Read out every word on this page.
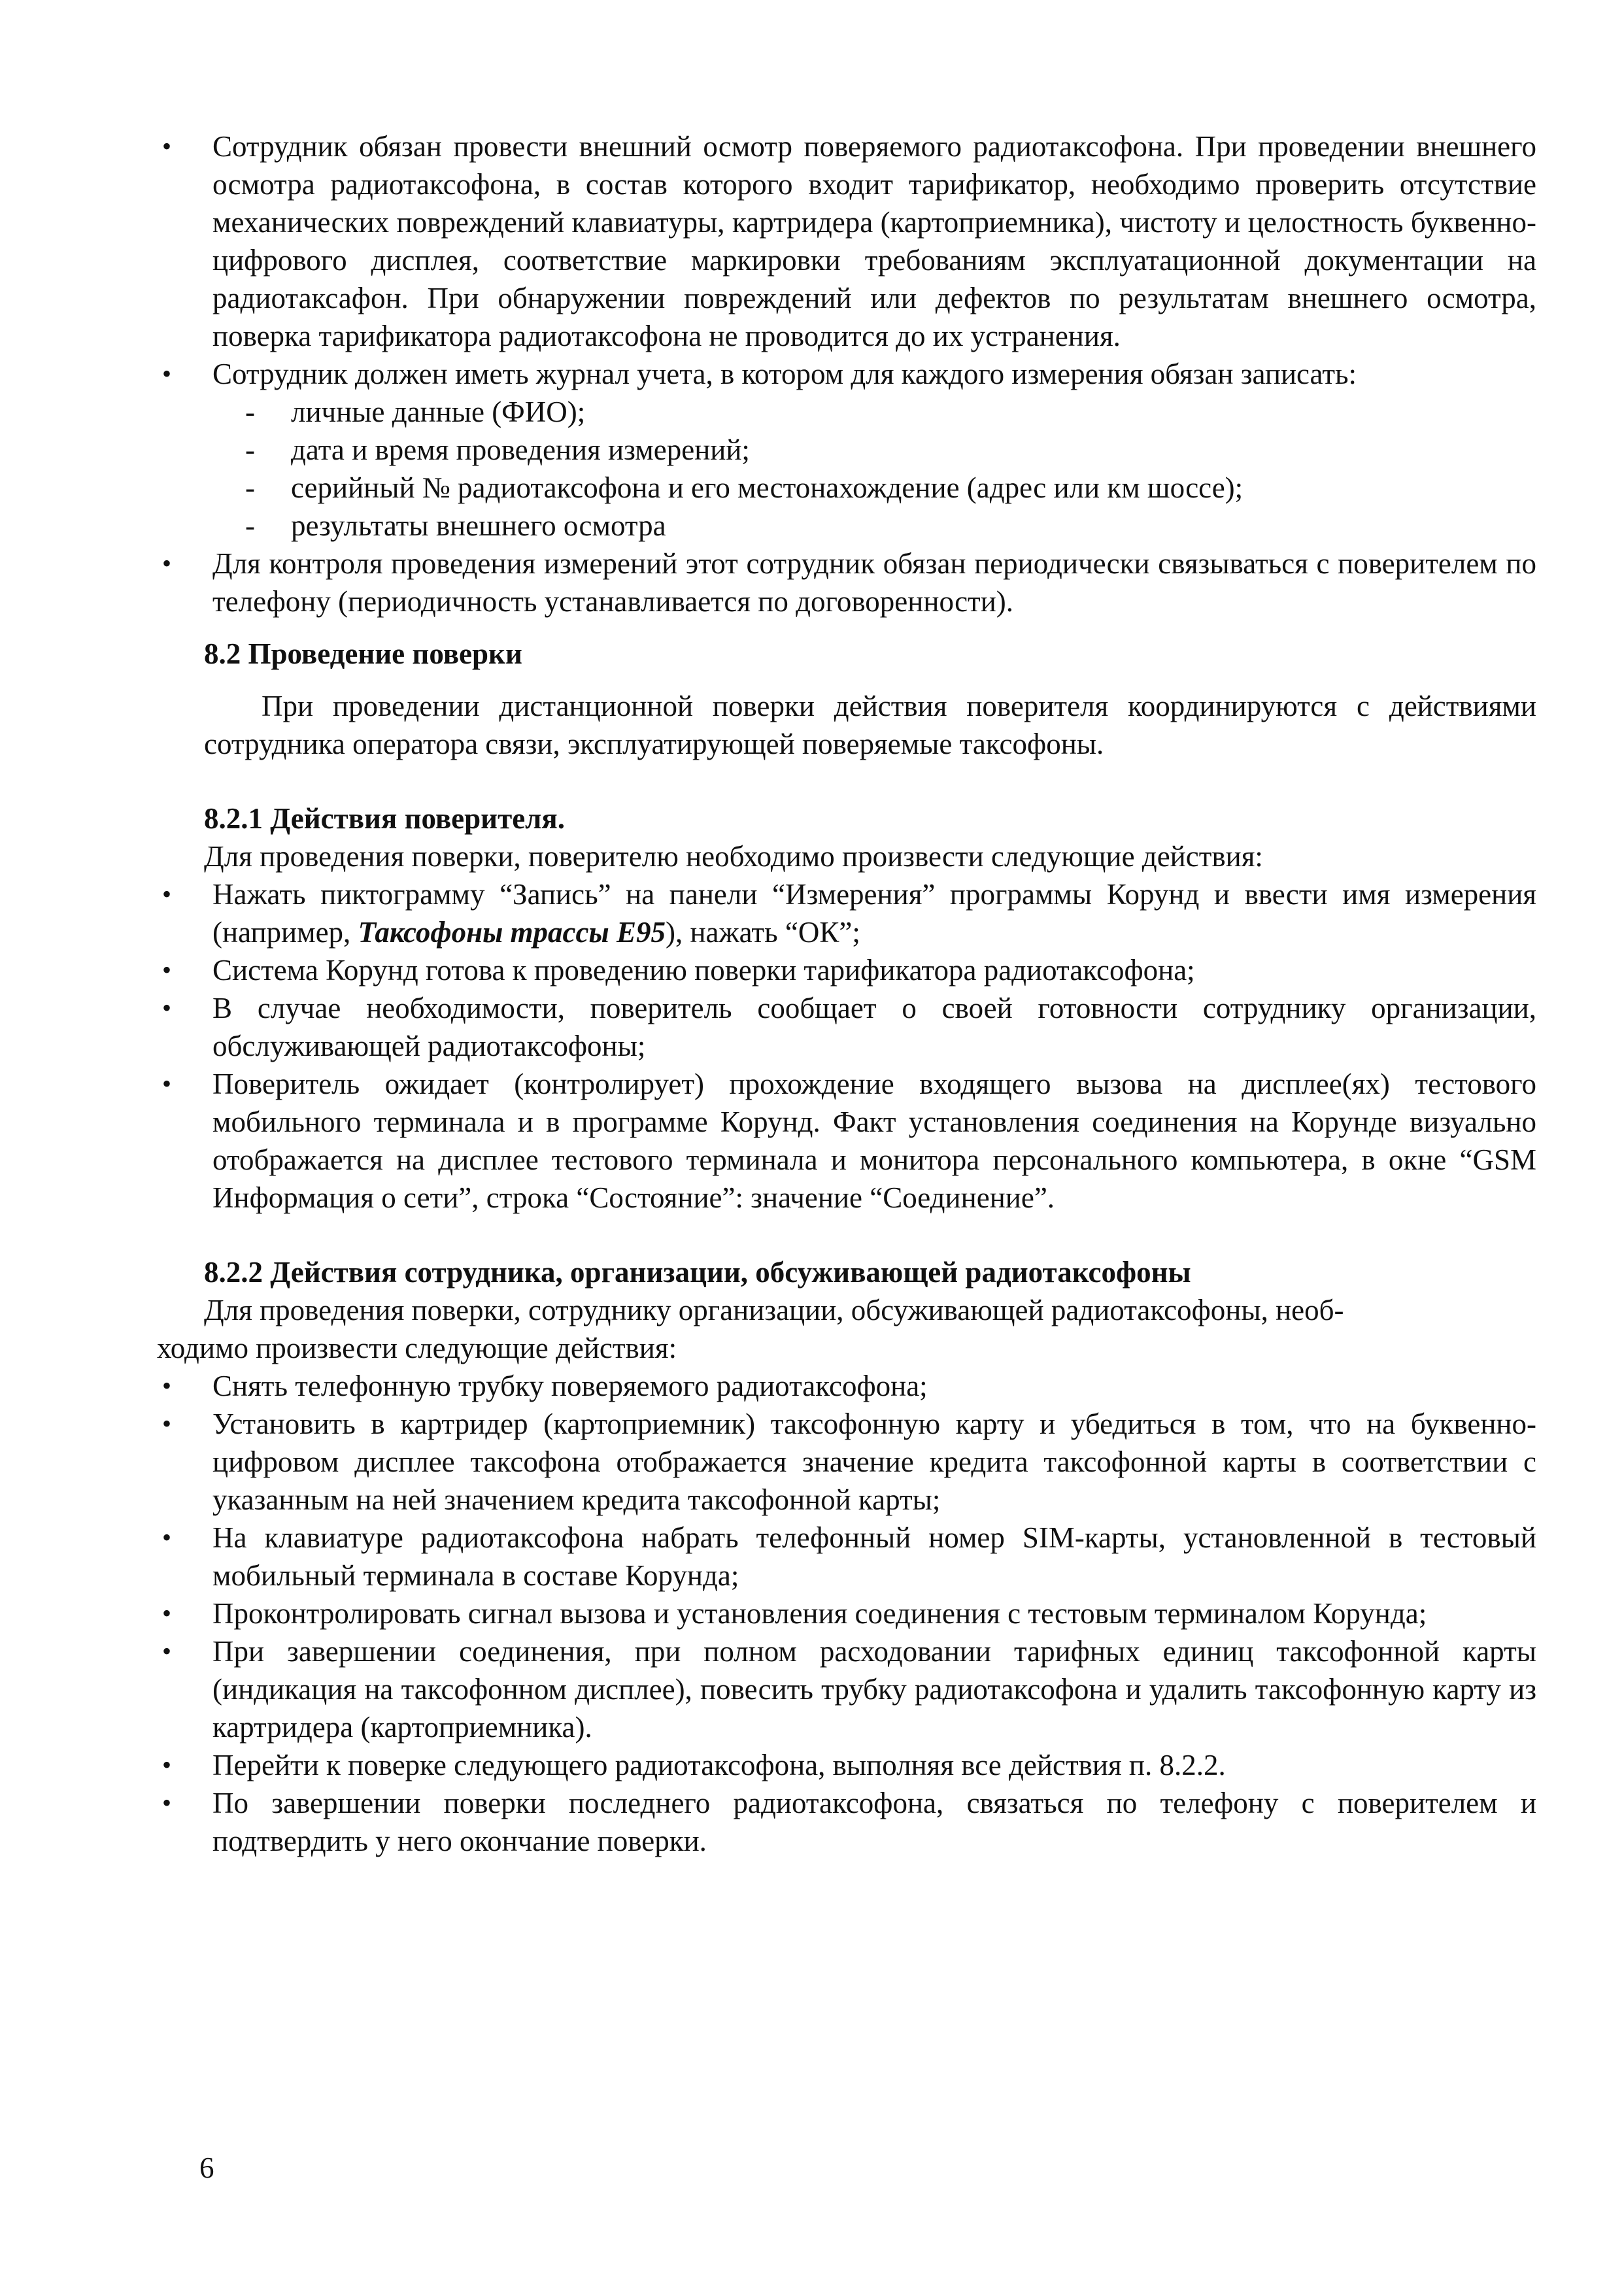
• Сотрудник обязан провести внешний осмотр поверяемого радиотаксофона. При проведении внешнего осмотра радиотаксофона, в состав которого входит тарификатор, необходимо проверить отсутствие механических повреждений клавиатуры, картридера (картоприемника), чистоту и целостность буквенно-цифрового дисплея, соответствие маркировки требованиям эксплуатационной документации на радиотаксафон. При обнаружении повреждений или дефектов по результатам внешнего осмотра, поверка тарификатора радиотаксофона не проводится до их устранения.
• Сотрудник должен иметь журнал учета, в котором для каждого измерения обязан записать:
- личные данные (ФИО);
- дата и время проведения измерений;
- серийный № радиотаксофона и его местонахождение (адрес или км шоссе);
- результаты внешнего осмотра
• Для контроля проведения измерений этот сотрудник обязан периодически связываться с поверителем по телефону (периодичность устанавливается по договоренности).
8.2 Проведение поверки
При проведении дистанционной поверки действия поверителя координируются с действиями сотрудника оператора связи, эксплуатирующей поверяемые таксофоны.
8.2.1 Действия поверителя.
Для проведения поверки, поверителю необходимо произвести следующие действия:
• Нажать пиктограмму “Запись” на панели “Измерения” программы Корунд и ввести имя измерения (например, Таксофоны трассы Е95), нажать “ОК”;
• Система Корунд готова к проведению поверки тарификатора радиотаксофона;
• В случае необходимости, поверитель сообщает о своей готовности сотруднику организации, обслуживающей радиотаксофоны;
• Поверитель ожидает (контролирует) прохождение входящего вызова на дисплее(ях) тестового мобильного терминала и в программе Корунд. Факт установления соединения на Корунде визуально отображается на дисплее тестового терминала и монитора персонального компьютера, в окне “GSM Информация о сети”, строка “Состояние”: значение “Соединение”.
8.2.2 Действия сотрудника, организации, обсуживающей радиотаксофоны
Для проведения поверки, сотруднику организации, обсуживающей радиотаксофоны, необ-
ходимо произвести следующие действия:
• Снять телефонную трубку поверяемого радиотаксофона;
• Установить в картридер (картоприемник) таксофонную карту и убедиться в том, что на буквенно-цифровом дисплее таксофона отображается значение кредита таксофонной карты в соответствии с указанным на ней значением кредита таксофонной карты;
• На клавиатуре радиотаксофона набрать телефонный номер SIM-карты, установленной в тестовый мобильный терминала в составе Корунда;
• Проконтролировать сигнал вызова и установления соединения с тестовым терминалом Корунда;
• При завершении соединения, при полном расходовании тарифных единиц таксофонной карты (индикация на таксофонном дисплее), повесить трубку радиотаксофона и удалить таксофонную карту из картридера (картоприемника).
• Перейти к поверке следующего радиотаксофона, выполняя все действия п. 8.2.2.
• По завершении поверки последнего радиотаксофона, связаться по телефону с поверителем и подтвердить у него окончание поверки.
6
